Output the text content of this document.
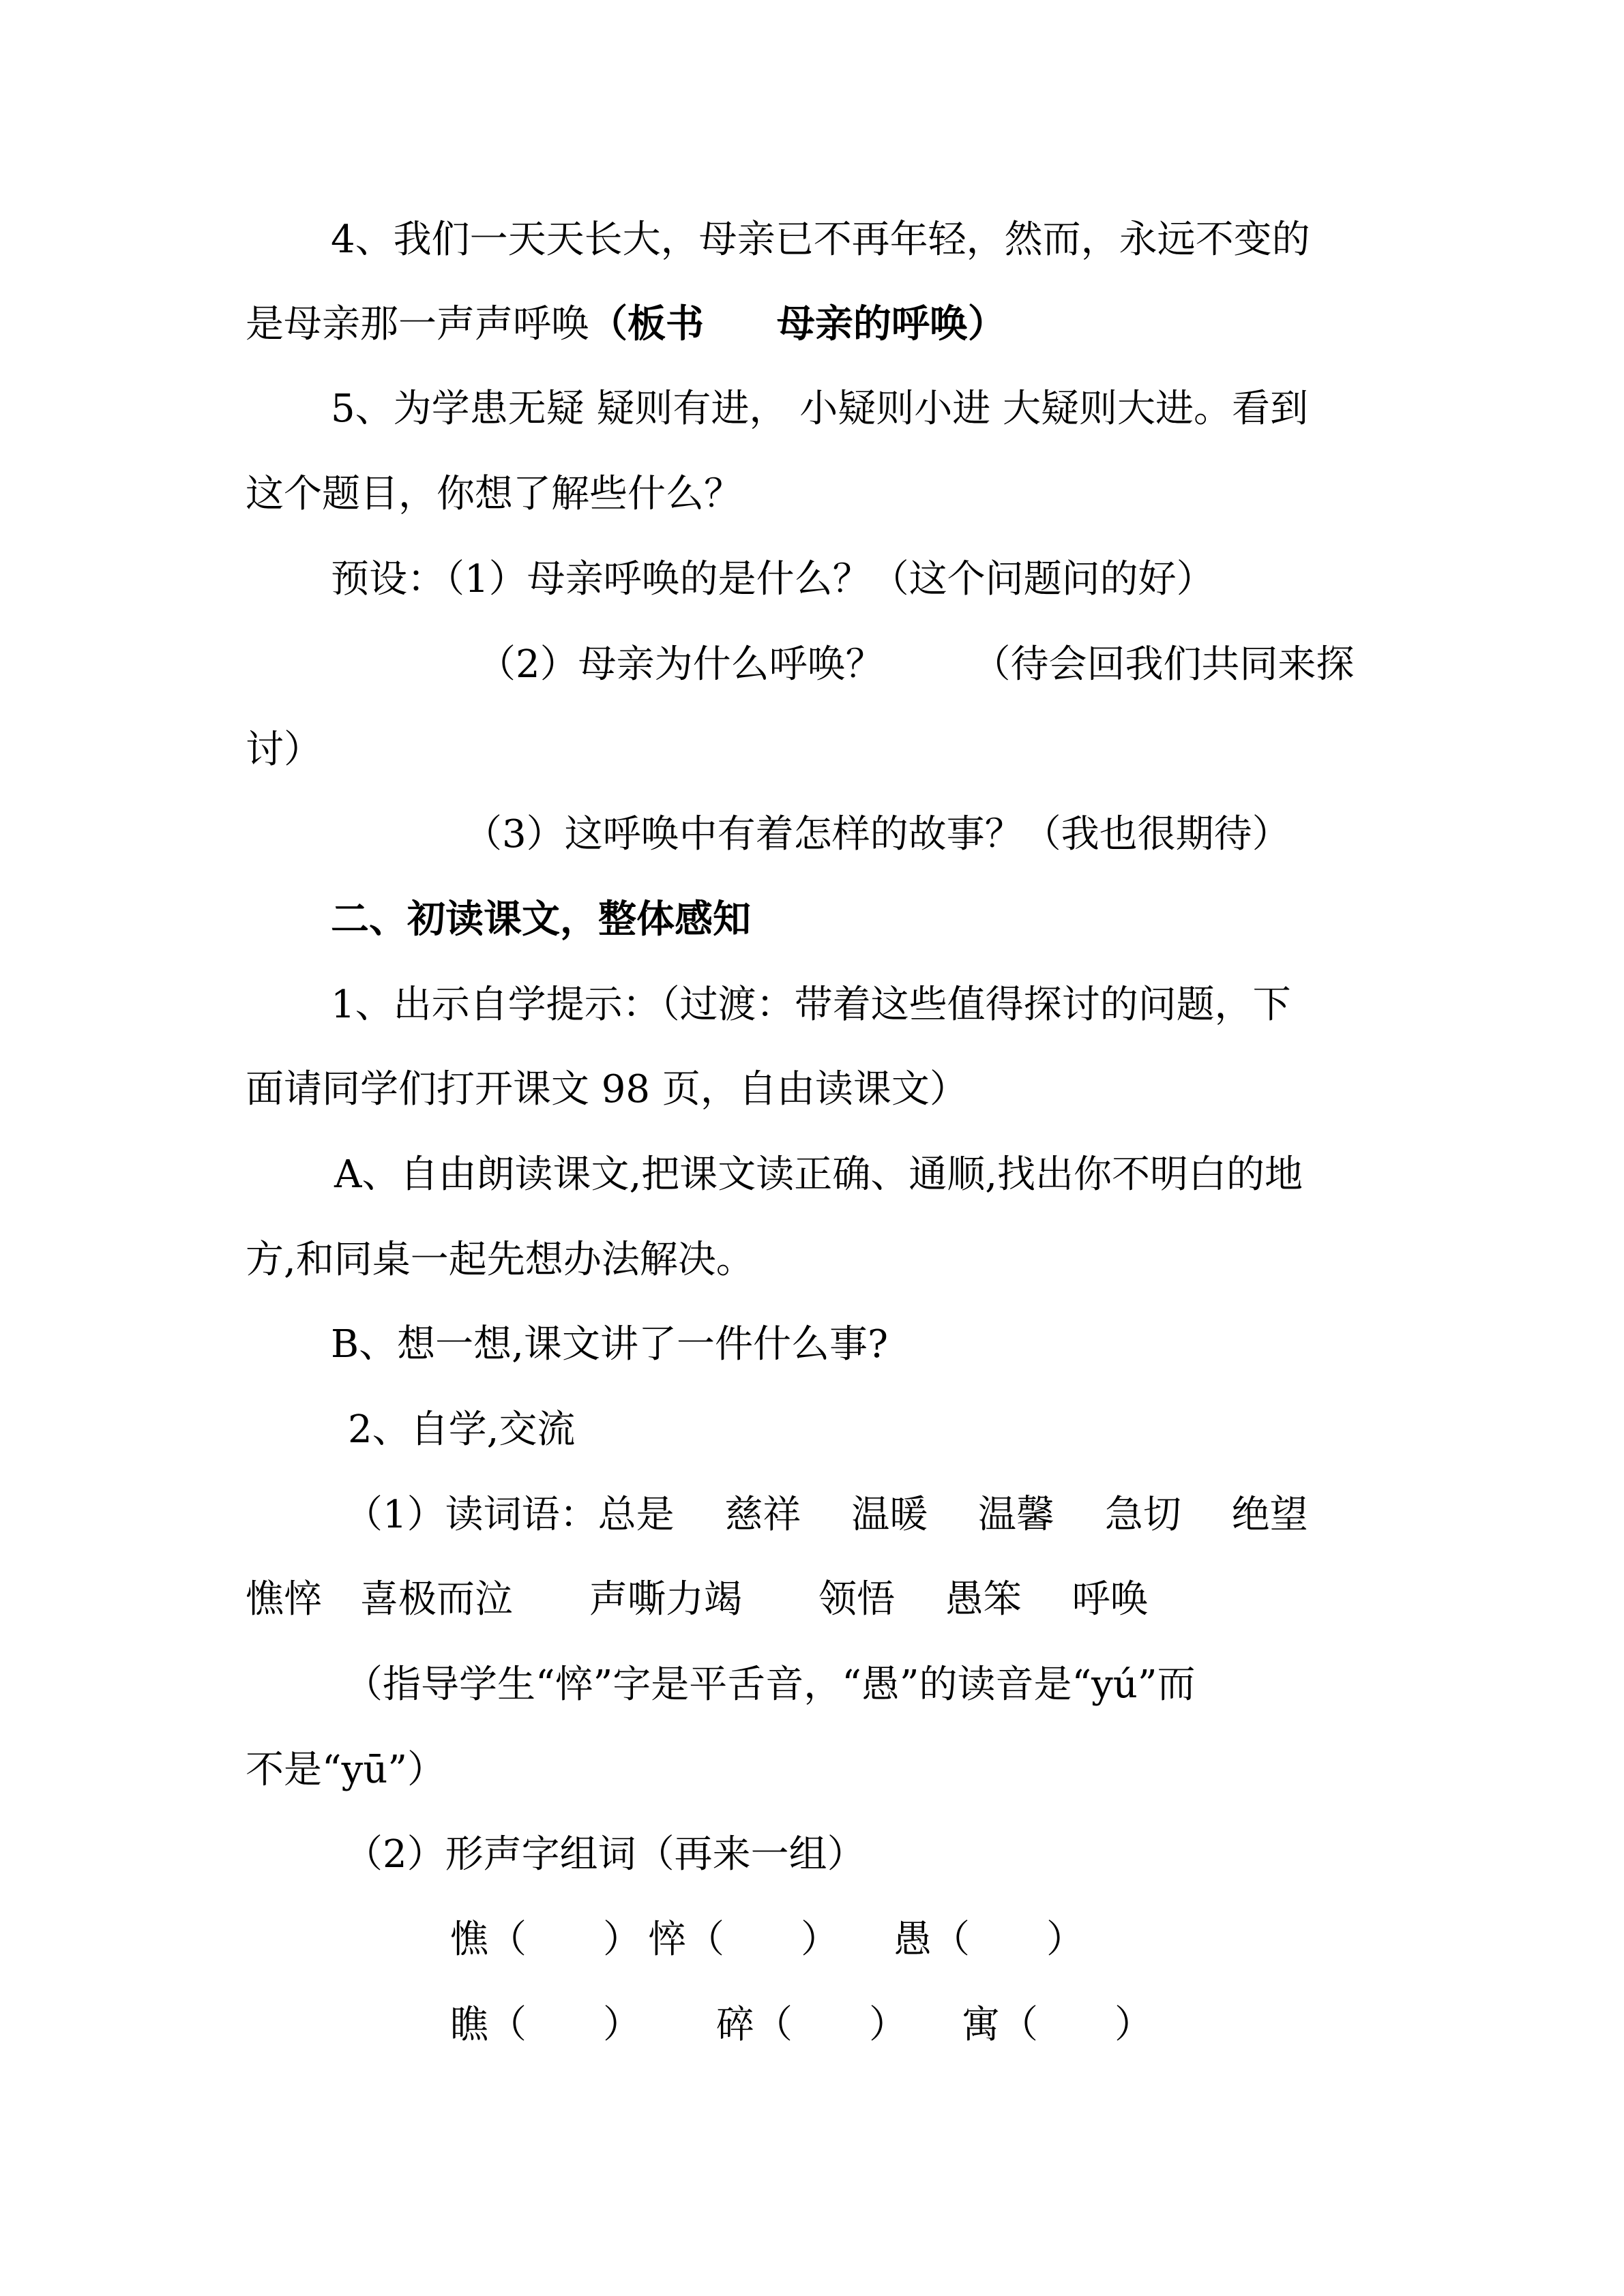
4、我们一天天长大，母亲已不再年轻，然而，永远不变的
是母亲那一声声呼唤（板书 母亲的呼唤）
5、为学患无疑 疑则有进， 小疑则小进 大疑则大进。看到
这个题目，你想了解些什么？
预设：（1）母亲呼唤的是什么？（这个问题问的好）
（2）母亲为什么呼唤？　　 （待会回我们共同来探
讨）
（3）这呼唤中有着怎样的故事？（我也很期待）
二、初读课文，整体感知
1、出示自学提示：（过渡：带着这些值得探讨的问题，下
面请同学们打开课文 98 页，自由读课文）
A、自由朗读课文,把课文读正确、通顺,找出你不明白的地
方,和同桌一起先想办法解决。
B、想一想,课文讲了一件什么事?
2、自学,交流
（1）读词语：总是　 慈祥　 温暖　 温馨　 急切　 绝望
憔悴　喜极而泣　　声嘶力竭　　领悟　 愚笨　 呼唤
（指导学生“悴”字是平舌音，“愚”的读音是“yú”而
不是“yū”）
（2）形声字组词（再来一组）
憔（　　） 悴（　　） 愚（　　）
瞧（　　） 碎（　　） 寓（　　）
